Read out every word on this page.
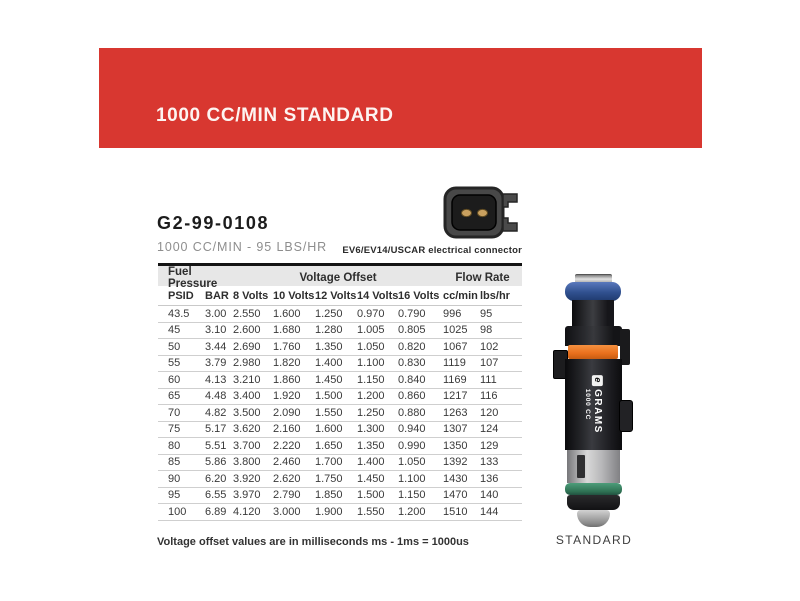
1000 CC/MIN STANDARD
G2-99-0108
1000 CC/MIN - 95 LBS/HR	EV6/EV14/USCAR electrical connector
Fuel Pressure	Voltage Offset	Flow Rate
PSID	BAR 8 Volts 10 Volts 12 Volts 14 Volts 16 Volts cc/min lbs/hr
43.5	3.00 2.550	1.600	1.250	0.970	0.790	996	95
45	3.10 2.600	1.680	1.280	1.005	0.805	1025	98
50	3.44 2.690	1.760	1.350	1.050	0.820	1067	102
55	3.79 2.980	1.820	1.400	1.100	0.830	1119	107
60	4.13 3.210	1.860	1.450	1.150	0.840	1169	111
65	4.48 3.400	1.920	1.500	1.200	0.860	1217	116
70	4.82 3.500	2.090	1.550	1.250	0.880	1263	120
75	5.17 3.620	2.160	1.600	1.300	0.940	1307	124
80	5.51 3.700	2.220	1.650	1.350	0.990	1350	129
85	5.86 3.800	2.460	1.700	1.400	1.050	1392	133
90	6.20 3.920	2.620	1.750	1.450	1.100	1430	136
95	6.55 3.970	2.790	1.850	1.500	1.150	1470	140
100	6.89 4.120	3.000	1.900	1.550	1.200	1510	144
Voltage offset values are in milliseconds ms - 1ms = 1000us
e
GRAMS
1000 CC
STANDARD
